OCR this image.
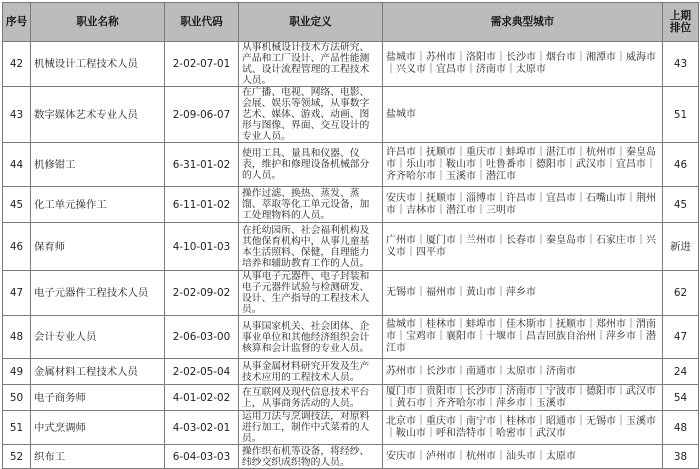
序号	职业名称	职业代码	职业定义	需求典型城市	上期排位
42	机械设计工程技术人员	2-02-07-01	从事机械设计技术方法研究、产品和工厂设计、产品性能测试、设计流程管理的工程技术人员。	盐城市｜苏州市｜洛阳市｜长沙市｜烟台市｜湘潭市｜威海市｜兴义市｜宜昌市｜济南市｜太原市	43
43	数字媒体艺术专业人员	2-09-06-07	在广播、电视、网络、电影、会展、娱乐等领域，从事数字艺术、媒体、游戏、动画、图形与图像、界面、交互设计的专业人员。	盐城市	51
44	机修钳工	6-31-01-02	使用工具、量具和仪器、仪表，维护和修理设备机械部分的人员。	许昌市｜抚顺市｜重庆市｜蚌埠市｜湛江市｜杭州市｜秦皇岛市｜乐山市｜鞍山市｜吐鲁番市｜德阳市｜武汉市｜宜昌市｜齐齐哈尔市｜玉溪市｜潜江市	46
45	化工单元操作工	6-11-01-02	操作过滤、换热、蒸发、蒸馏、萃取等化工单元设备，加工处理物料的人员。	安庆市｜抚顺市｜淄博市｜许昌市｜宜昌市｜石嘴山市｜荆州市｜吉林市｜潜江市｜三明市	45
46	保育师	4-10-01-03	在托幼园所、社会福利机构及其他保育机构中，从事儿童基本生活照料、保健，自理能力培养和辅助教育工作的人员。	广州市｜厦门市｜兰州市｜长春市｜秦皇岛市｜石家庄市｜兴义市｜四平市	新进
47	电子元器件工程技术人员	2-02-09-02	从事电子元器件、电子封装和电子元器件试验与检测研发、设计、生产指导的工程技术人员。	无锡市｜福州市｜黄山市｜萍乡市	62
48	会计专业人员	2-06-03-00	从事国家机关、社会团体、企事业单位和其他经济组织会计核算和会计监督的专业人员。	盐城市｜桂林市｜蚌埠市｜佳木斯市｜抚顺市｜郑州市｜渭南市｜宝鸡市｜襄阳市｜十堰市｜昌吉回族自治州｜萍乡市｜潜江市	47
49	金属材料工程技术人员	2-02-05-04	从事金属材料研究开发及生产技术应用的工程技术人员。	苏州市｜长沙市｜南通市｜太原市｜济南市	24
50	电子商务师	4-01-02-02	在互联网及现代信息技术平台上，从事商务活动的人员。	厦门市｜贵阳市｜长沙市｜济南市｜宁波市｜德阳市｜武汉市｜黄石市｜齐齐哈尔市｜萍乡市｜玉溪市	54
51	中式烹调师	4-03-02-01	运用刀法与烹调技法，对原料进行加工，制作中式菜肴的人员。	北京市｜重庆市｜南宁市｜桂林市｜昭通市｜无锡市｜玉溪市｜鞍山市｜呼和浩特市｜哈密市｜武汉市	48
52	织布工	6-04-03-03	操作织布机等设备，将经纱、纬纱交织成织物的人员。	安庆市｜泸州市｜杭州市｜汕头市｜太原市	38
